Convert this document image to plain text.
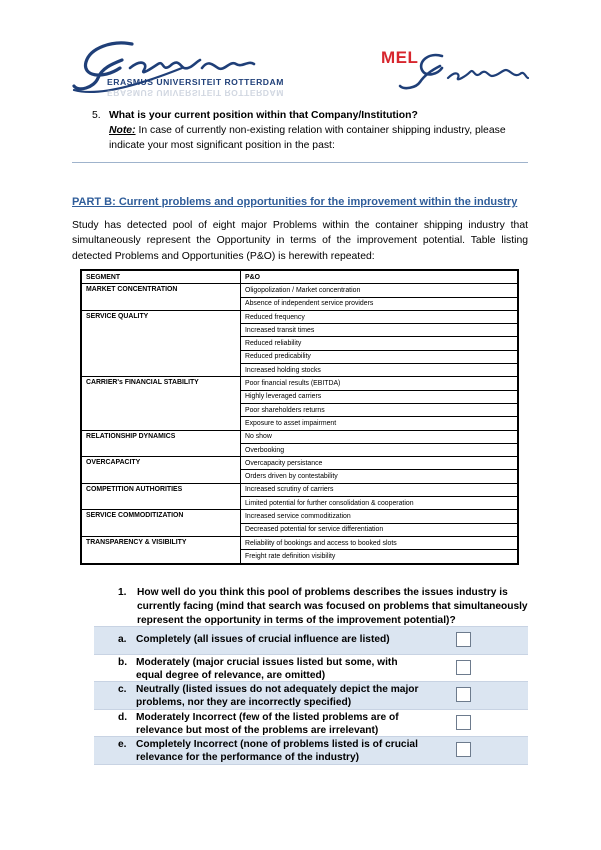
ERASMUS UNIVERSITEIT ROTTERDAM
ERASMUS UNIVERSITEIT ROTTERDAM
MEL
5. What is your current position within that Company/Institution?
Note: In case of currently non-existing relation with container shipping industry, please indicate your most significant position in the past:
PART B: Current problems and opportunities for the improvement within the industry
Study has detected pool of eight major Problems within the container shipping industry that simultaneously represent the Opportunity in terms of the improvement potential. Table listing detected Problems and Opportunities (P&O) is herewith repeated:
SEGMENT	P&O
MARKET CONCENTRATION	Oligopolization / Market concentration
	Absence of independent service providers
SERVICE QUALITY	Reduced frequency
	Increased transit times
	Reduced reliability
	Reduced predicability
	Increased holding stocks
CARRIER's FINANCIAL STABILITY	Poor financial results (EBITDA)
	Highly leveraged carriers
	Poor shareholders returns
	Exposure to asset impairment
RELATIONSHIP DYNAMICS	No show
	Overbooking
OVERCAPACITY	Overcapacity persistance
	Orders driven by contestability
COMPETITION AUTHORITIES	Increased scrutiny of carriers
	Limited potential for further consolidation & cooperation
SERVICE COMMODITIZATION	Increased service commoditization
	Decreased potential for service differentiation
TRANSPARENCY & VISIBILITY	Reliability of bookings and access to booked slots
	Freight rate definition visibility
1. How well do you think this pool of problems describes the issues industry is currently facing (mind that search was focused on problems that simultaneously represent the opportunity in terms of the improvement potential)?
a. Completely (all issues of crucial influence are listed)
b. Moderately (major crucial issues listed but some, with equal degree of relevance, are omitted)
c. Neutrally (listed issues do not adequately depict the major problems, nor they are incorrectly specified)
d. Moderately Incorrect (few of the listed problems are of relevance but most of the problems are irrelevant)
e. Completely Incorrect (none of problems listed is of crucial relevance for the performance of the industry)
